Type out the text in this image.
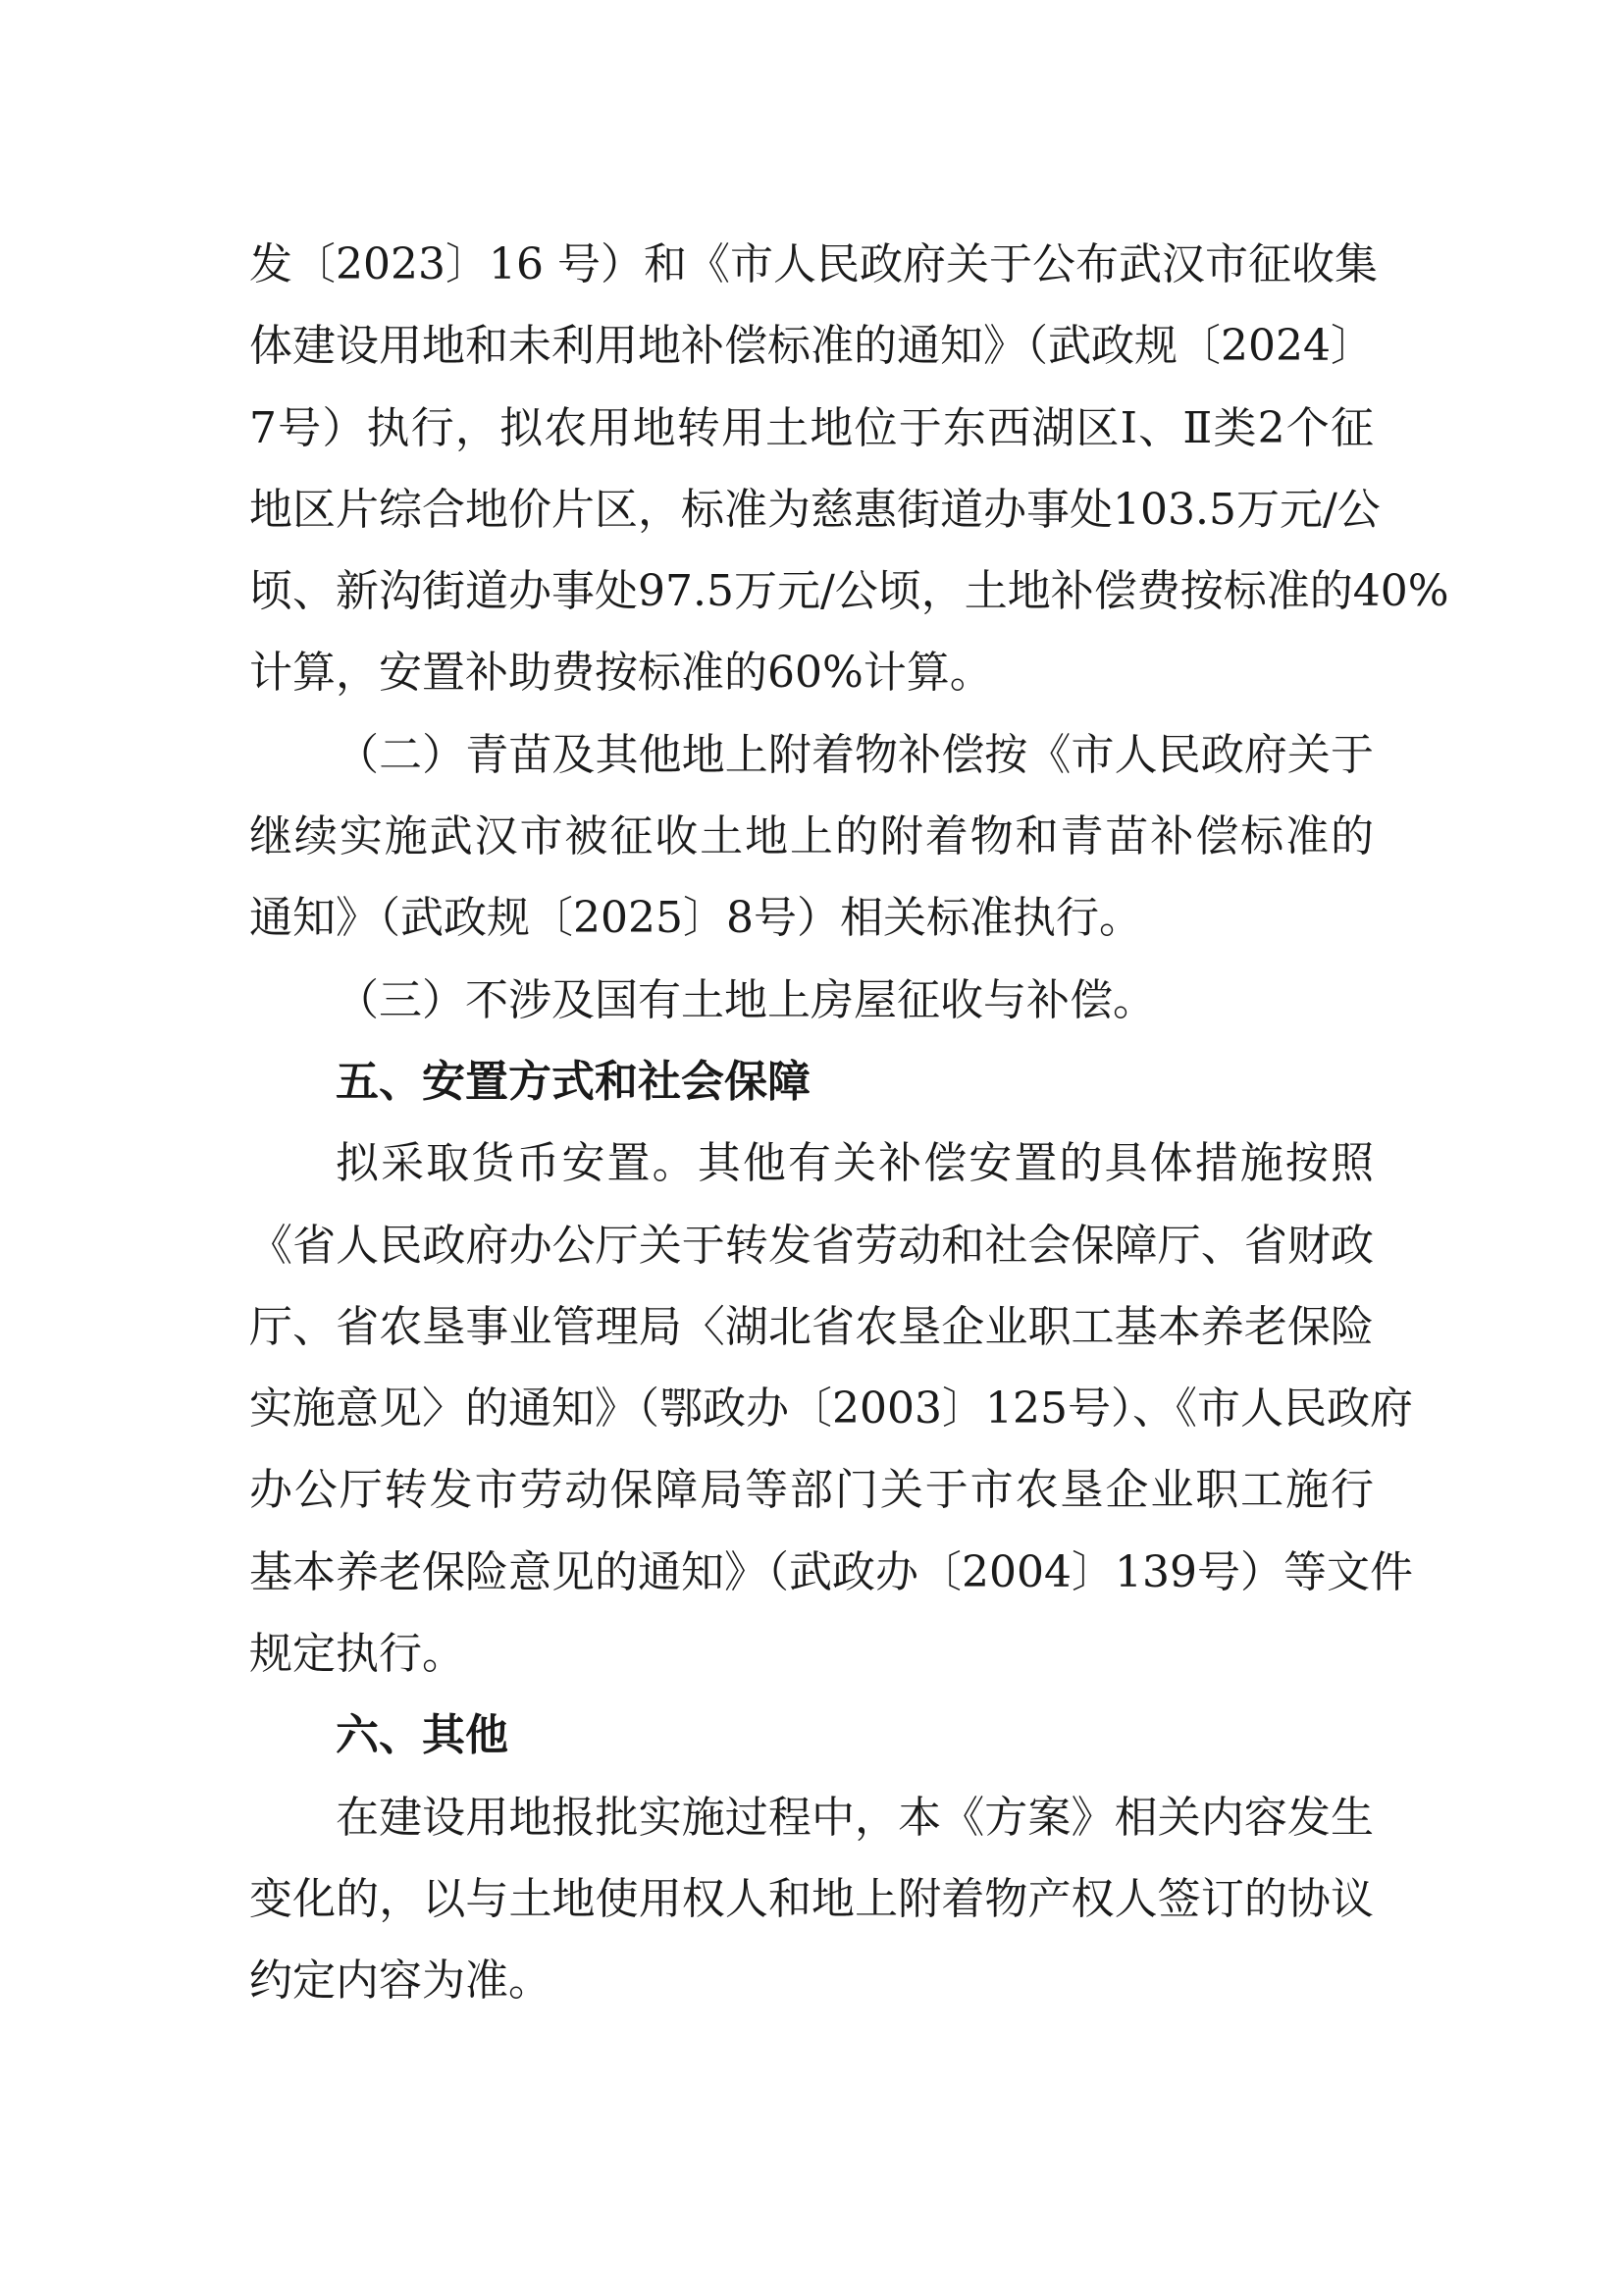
发〔2023〕16 号）和《市人民政府关于公布武汉市征收集
体建设用地和未利用地补偿标准的通知》（武政规〔2024〕
7号）执行，拟农用地转用土地位于东西湖区Ⅰ、Ⅱ类2个征
地区片综合地价片区，标准为慈惠街道办事处103.5万元/公
顷、新沟街道办事处97.5万元/公顷，土地补偿费按标准的40%
计算，安置补助费按标准的60%计算。
（二）青苗及其他地上附着物补偿按《市人民政府关于
继续实施武汉市被征收土地上的附着物和青苗补偿标准的
通知》（武政规〔2025〕8号）相关标准执行。
（三）不涉及国有土地上房屋征收与补偿。
五、安置方式和社会保障
拟采取货币安置。其他有关补偿安置的具体措施按照
《省人民政府办公厅关于转发省劳动和社会保障厅、省财政
厅、省农垦事业管理局〈湖北省农垦企业职工基本养老保险
实施意见〉的通知》（鄂政办〔2003〕125号）、《市人民政府
办公厅转发市劳动保障局等部门关于市农垦企业职工施行
基本养老保险意见的通知》（武政办〔2004〕139号）等文件
规定执行。
六、其他
在建设用地报批实施过程中，本《方案》相关内容发生
变化的，以与土地使用权人和地上附着物产权人签订的协议
约定内容为准。
